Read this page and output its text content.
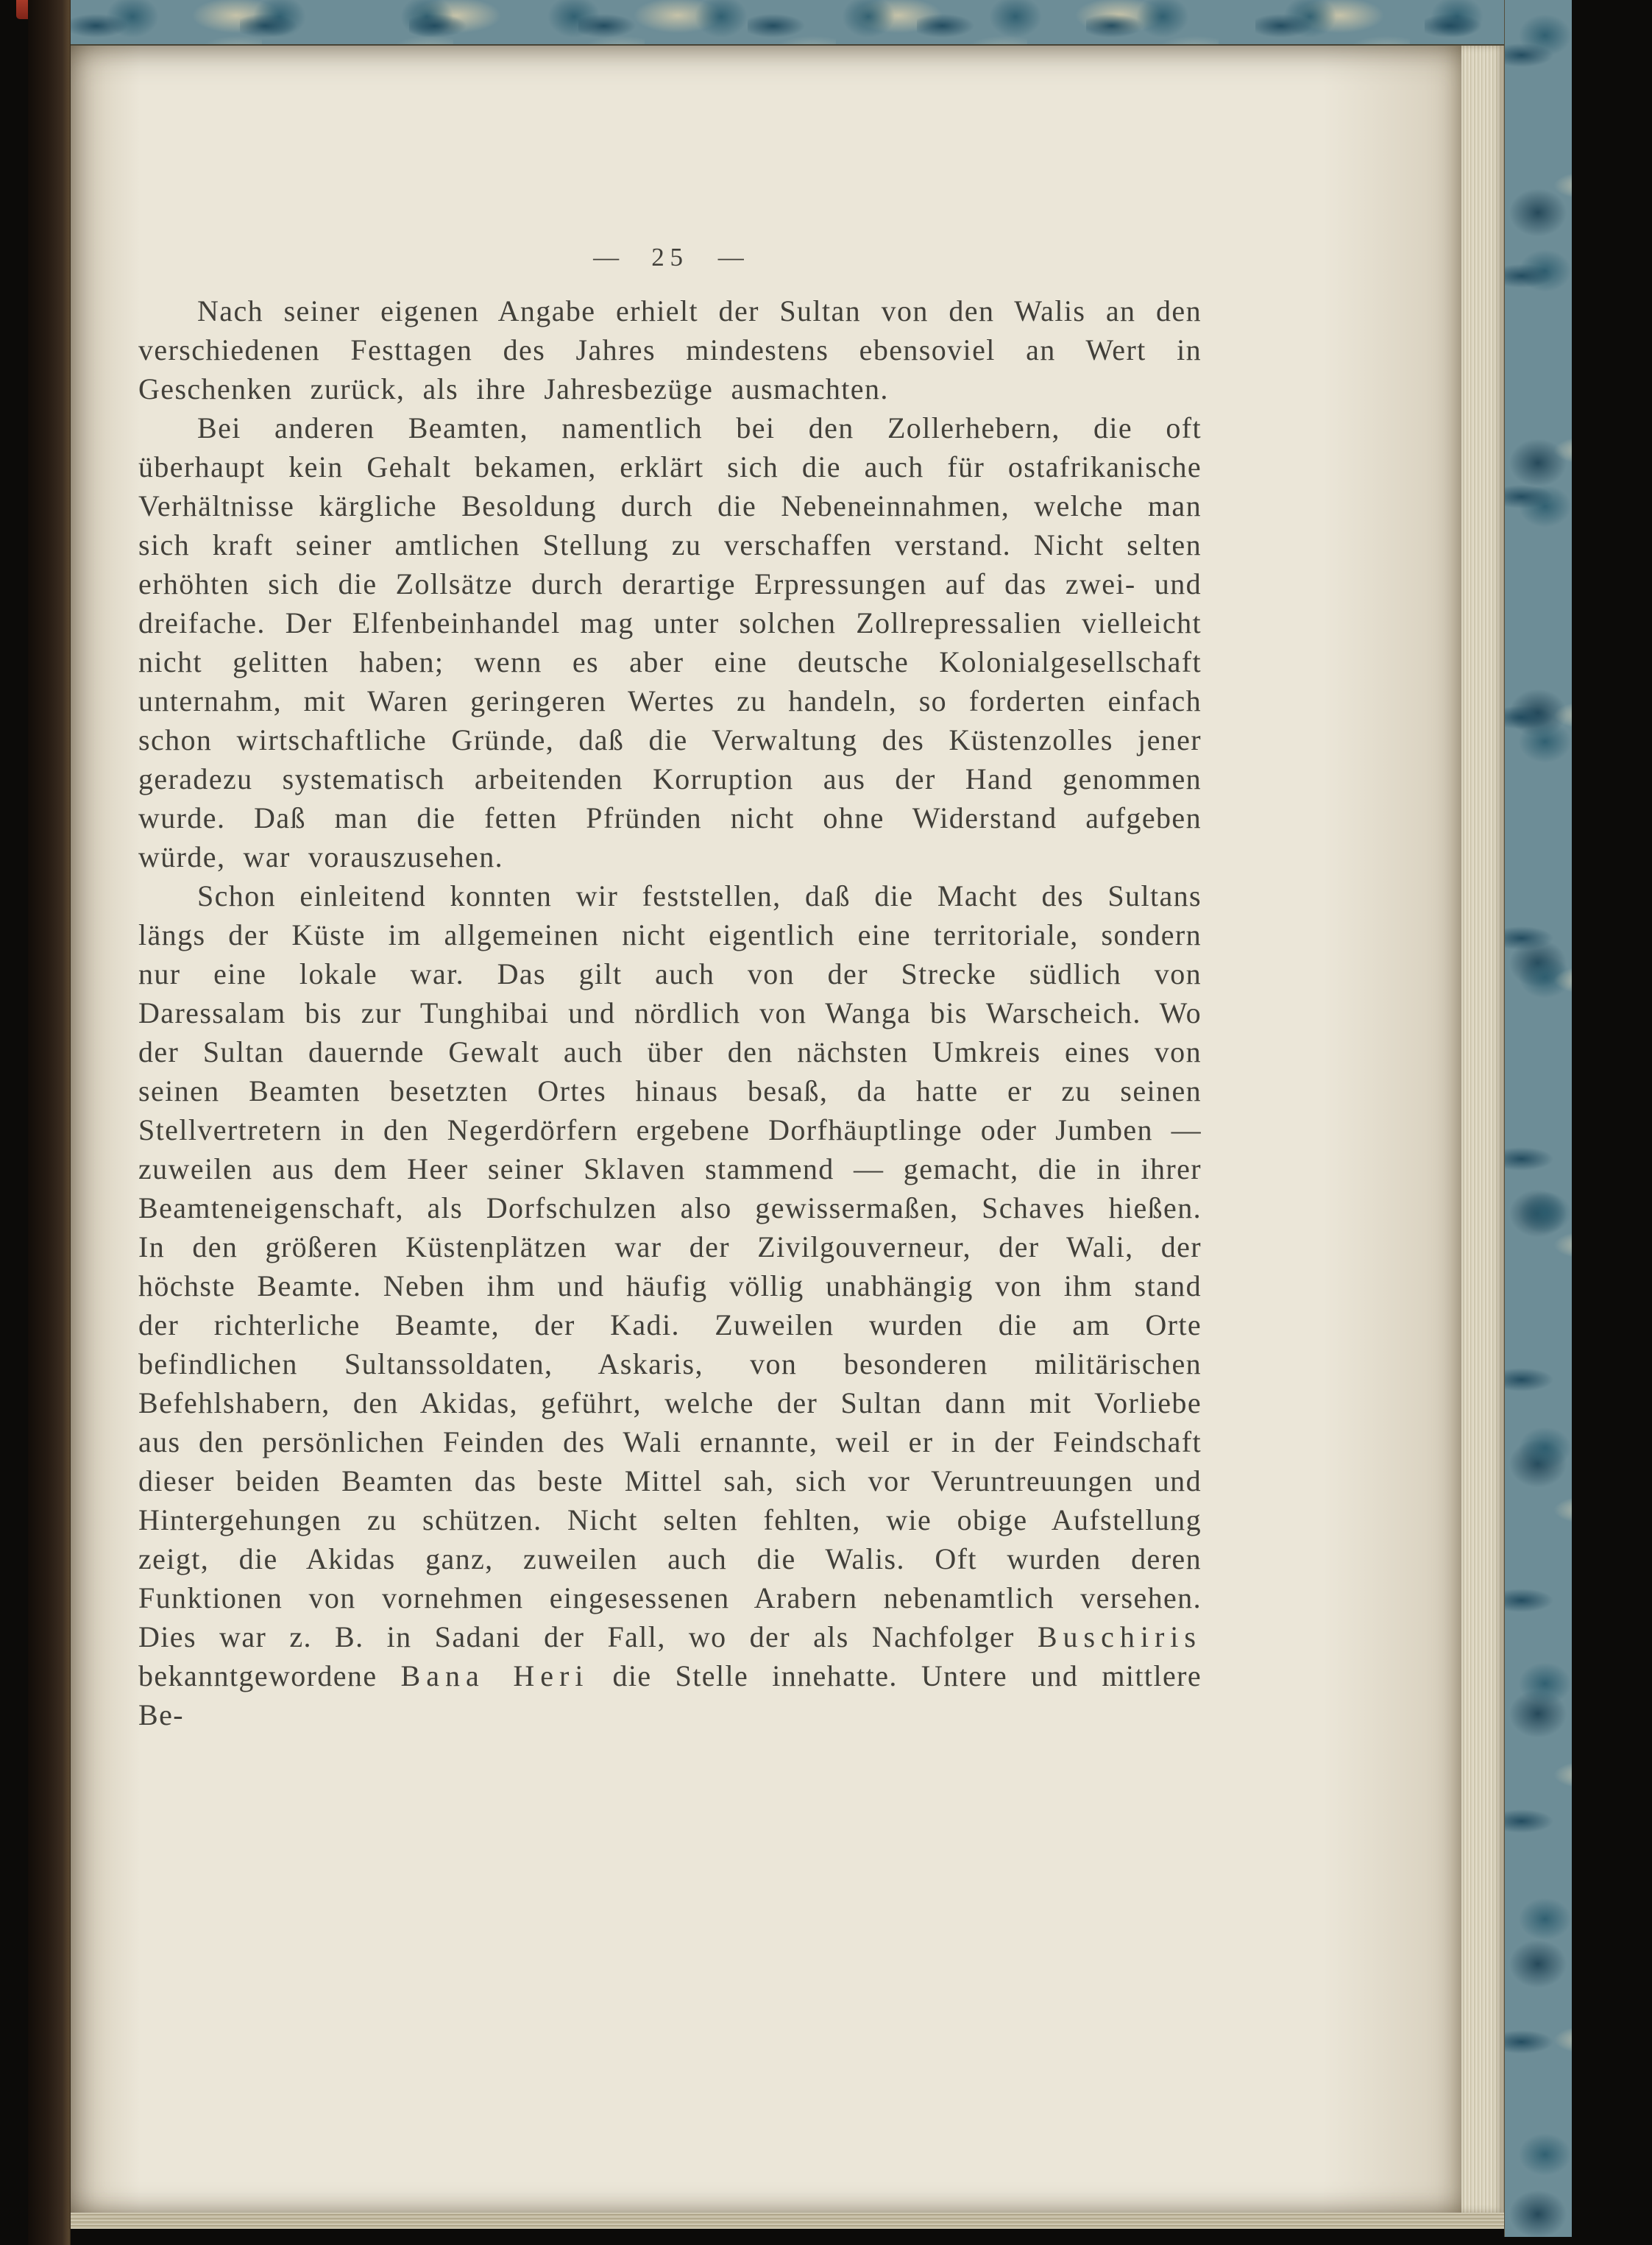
— 25 —

Nach seiner eigenen Angabe erhielt der Sultan von den Walis an den verschiedenen Festtagen des Jahres mindestens ebensoviel an Wert in Geschenken zurück, als ihre Jahresbezüge ausmachten.

Bei anderen Beamten, namentlich bei den Zollerhebern, die oft überhaupt kein Gehalt bekamen, erklärt sich die auch für ostafrikanische Verhältnisse kärgliche Besoldung durch die Nebeneinnahmen, welche man sich kraft seiner amtlichen Stellung zu verschaffen verstand. Nicht selten erhöhten sich die Zollsätze durch derartige Erpressungen auf das zwei- und dreifache. Der Elfenbeinhandel mag unter solchen Zollrepressalien vielleicht nicht gelitten haben; wenn es aber eine deutsche Kolonialgesellschaft unternahm, mit Waren geringeren Wertes zu handeln, so forderten einfach schon wirtschaftliche Gründe, daß die Verwaltung des Küstenzolles jener geradezu systematisch arbeitenden Korruption aus der Hand genommen wurde. Daß man die fetten Pfründen nicht ohne Widerstand aufgeben würde, war vorauszusehen.

Schon einleitend konnten wir feststellen, daß die Macht des Sultans längs der Küste im allgemeinen nicht eigentlich eine territoriale, sondern nur eine lokale war. Das gilt auch von der Strecke südlich von Daressalam bis zur Tunghibai und nördlich von Wanga bis Warscheich. Wo der Sultan dauernde Gewalt auch über den nächsten Umkreis eines von seinen Beamten besetzten Ortes hinaus besaß, da hatte er zu seinen Stellvertretern in den Negerdörfern ergebene Dorfhäuptlinge oder Jumben — zuweilen aus dem Heer seiner Sklaven stammend — gemacht, die in ihrer Beamteneigenschaft, als Dorfschulzen also gewissermaßen, Schaves hießen. In den größeren Küstenplätzen war der Zivilgouverneur, der Wali, der höchste Beamte. Neben ihm und häufig völlig unabhängig von ihm stand der richterliche Beamte, der Kadi. Zuweilen wurden die am Orte befindlichen Sultanssoldaten, Askaris, von besonderen militärischen Befehlshabern, den Akidas, geführt, welche der Sultan dann mit Vorliebe aus den persönlichen Feinden des Wali ernannte, weil er in der Feindschaft dieser beiden Beamten das beste Mittel sah, sich vor Veruntreuungen und Hintergehungen zu schützen. Nicht selten fehlten, wie obige Aufstellung zeigt, die Akidas ganz, zuweilen auch die Walis. Oft wurden deren Funktionen von vornehmen eingesessenen Arabern nebenamtlich versehen. Dies war z. B. in Sadani der Fall, wo der als Nachfolger Buschiris bekanntgewordene Bana Heri die Stelle innehatte. Untere und mittlere Be-
